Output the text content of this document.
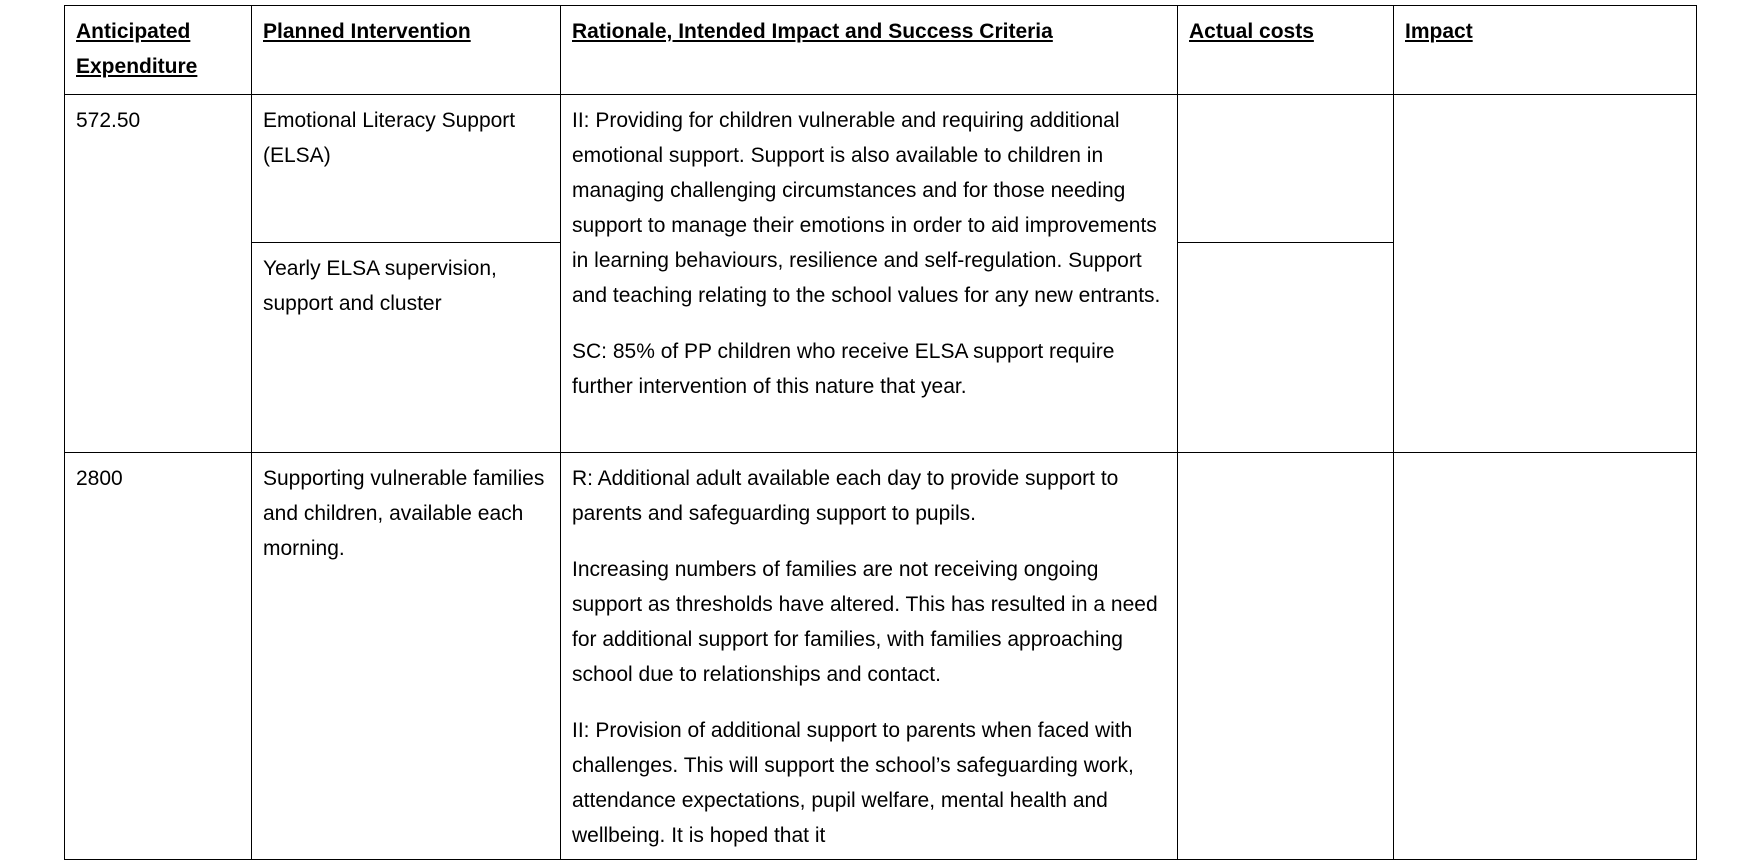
Anticipated Expenditure	Planned Intervention	Rationale, Intended Impact and Success Criteria	Actual costs	Impact

572.50	Emotional Literacy Support (ELSA)	II: Providing for children vulnerable and requiring additional emotional support. Support is also available to children in managing challenging circumstances and for those needing support to manage their emotions in order to aid improvements in learning behaviours, resilience and self-regulation. Support and teaching relating to the school values for any new entrants.

SC: 85% of PP children who receive ELSA support require further intervention of this nature that year.		

	Yearly ELSA supervision, support and cluster			

2800	Supporting vulnerable families and children, available each morning.	R: Additional adult available each day to provide support to parents and safeguarding support to pupils.

Increasing numbers of families are not receiving ongoing support as thresholds have altered. This has resulted in a need for additional support for families, with families approaching school due to relationships and contact.

II: Provision of additional support to parents when faced with challenges. This will support the school’s safeguarding work, attendance expectations, pupil welfare, mental health and wellbeing. It is hoped that it		
